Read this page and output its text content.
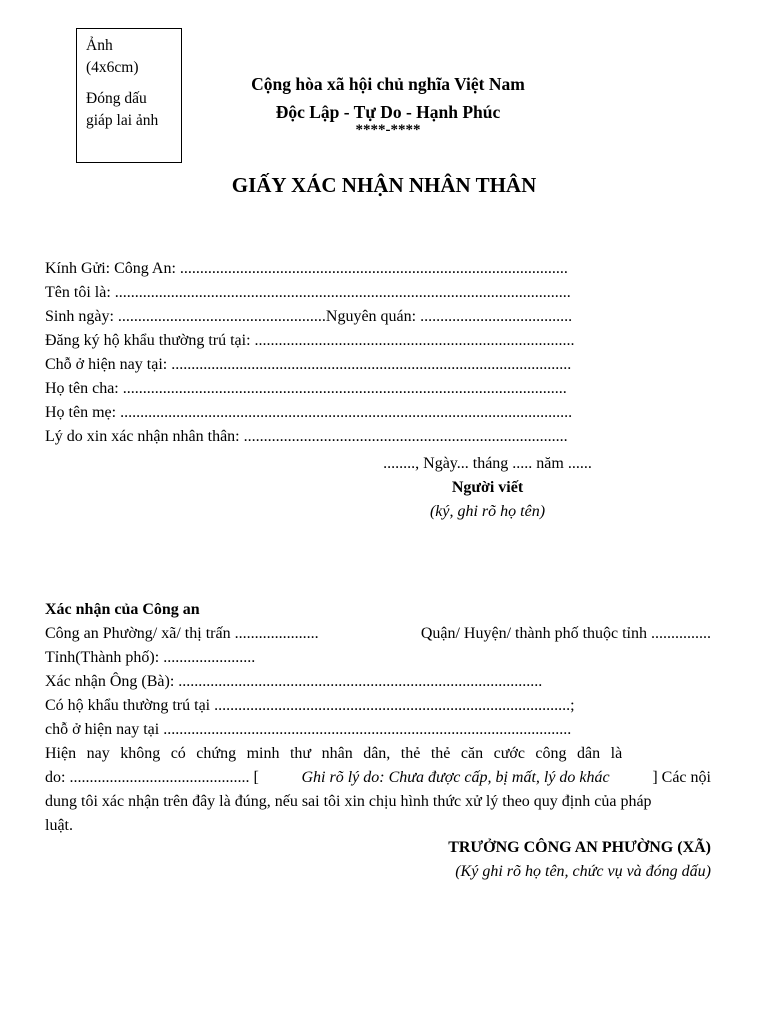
Ảnh
(4x6cm)
Đóng dấu
giáp lai ảnh
Cộng hòa xã hội chủ nghĩa Việt Nam
Độc Lập - Tự Do - Hạnh Phúc
****-****
GIẤY XÁC NHẬN NHÂN THÂN
Kính Gửi: Công An: .................................................................................................
Tên tôi là: ..................................................................................................................
Sinh ngày: ....................................................Nguyên quán: ......................................
Đăng ký hộ khẩu thường trú tại: ................................................................................
Chỗ ở hiện nay tại: ....................................................................................................
Họ tên cha: ...............................................................................................................
Họ tên mẹ: .................................................................................................................
Lý do xin xác nhận nhân thân: .................................................................................
........, Ngày... tháng ..... năm ......
Người viết
(ký, ghi rõ họ tên)
Xác nhận của Công an
Công an Phường/ xã/ thị trấn .....................	Quận/ Huyện/ thành phố thuộc tỉnh ...............
Tỉnh(Thành phố): .......................
Xác nhận Ông (Bà): ...........................................................................................
Có hộ khẩu thường trú tại .........................................................................................;
chỗ ở hiện nay tại ......................................................................................................
Hiện nay không có chứng minh thư nhân dân, thẻ thẻ căn cước công dân là
do: ............................................. [	Ghi rõ lý do: Chưa được cấp, bị mất, lý do khác	] Các nội
dung tôi xác nhận trên đây là đúng, nếu sai tôi xin chịu hình thức xử lý theo quy định của pháp
luật.
TRƯỞNG CÔNG AN PHƯỜNG (XÃ)
(Ký ghi rõ họ tên, chức vụ và đóng dấu)
